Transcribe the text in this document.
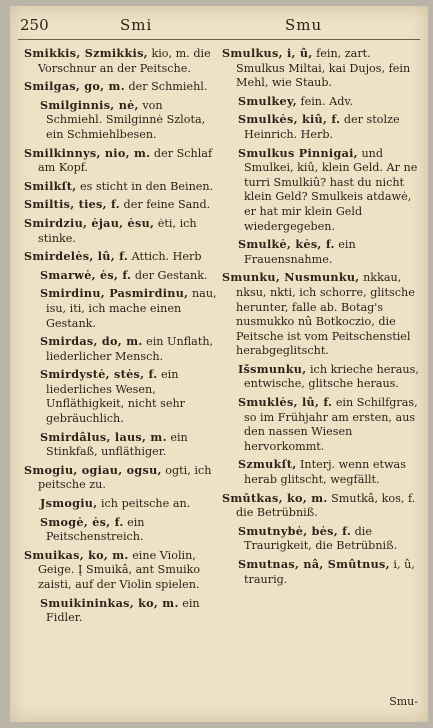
250	Smi	Smu
Smikkis, Szmikkis, kio, m. die Vorschnur an der Peitsche.
Smilgas, go, m. der Schmiehl.
Smilginnis, nė, von Schmiehl. Smilginnė Szlota, ein Schmiehlbesen.
Smilkinnys, nio, m. der Schlaf am Kopf.
Smilkſt, es sticht in den Beinen.
Smiltis, ties, f. der feine Sand.
Smirdziu, ėjau, ėsu, ėti, ich stinke.
Smirdelės, lû, f. Attich. Herb
Smarwė, ės, f. der Gestank.
Smirdinu, Pasmirdinu, nau, isu, iti, ich mache einen Gestank.
Smirdas, do, m. ein Unflath, liederlicher Mensch.
Smirdystė, stės, f. ein liederliches Wesen, Unfläthigkeit, nicht sehr gebräuchlich.
Smirdâlus, laus, m. ein Stinkfaß, unfläthiger.
Smogiu, ogiau, ogsu, ogti, ich peitsche zu.
Jsmogiu, ich peitsche an.
Smogė, ės, f. ein Peitschenstreich.
Smuikas, ko, m. eine Violin, Geige. Į Smuikâ, ant Smuiko zaisti, auf der Violin spielen.
Smuikininkas, ko, m. ein Fidler.
Smulkus, i, û, fein, zart. Smulkus Miltai, kai Dujos, fein Mehl, wie Staub.
Smulkey, fein. Adv.
Smulkės, kiû, f. der stolze Heinrich. Herb.
Smulkus Pinnigai, und Smulkei, kiû, klein Geld. Ar ne turri Smulkiû? hast du nicht klein Geld? Smulkeis atdawė, er hat mir klein Geld wiedergegeben.
Smulkė, kės, f. ein Frauensnahme.
Smunku, Nusmunku, nkkau, nksu, nkti, ich schorre, glitsche herunter, falle ab. Botag's nusmukko nû Botkoczio, die Peitsche ist vom Peitschenstiel herabgeglitscht.
Išsmunku, ich krieche heraus, entwische, glitsche heraus.
Smuklės, lû, f. ein Schilfgras, so im Frühjahr am ersten, aus den nassen Wiesen hervorkommt.
Szmukſt, Interj. wenn etwas herab glitscht, wegfällt.
Smūtkas, ko, m. Smutkâ, kos, f. die Betrübniß.
Smutnybė, bės, f. die Traurigkeit, die Betrübniß.
Smutnas, nâ, Smûtnus, i, û, traurig.
Smu-
